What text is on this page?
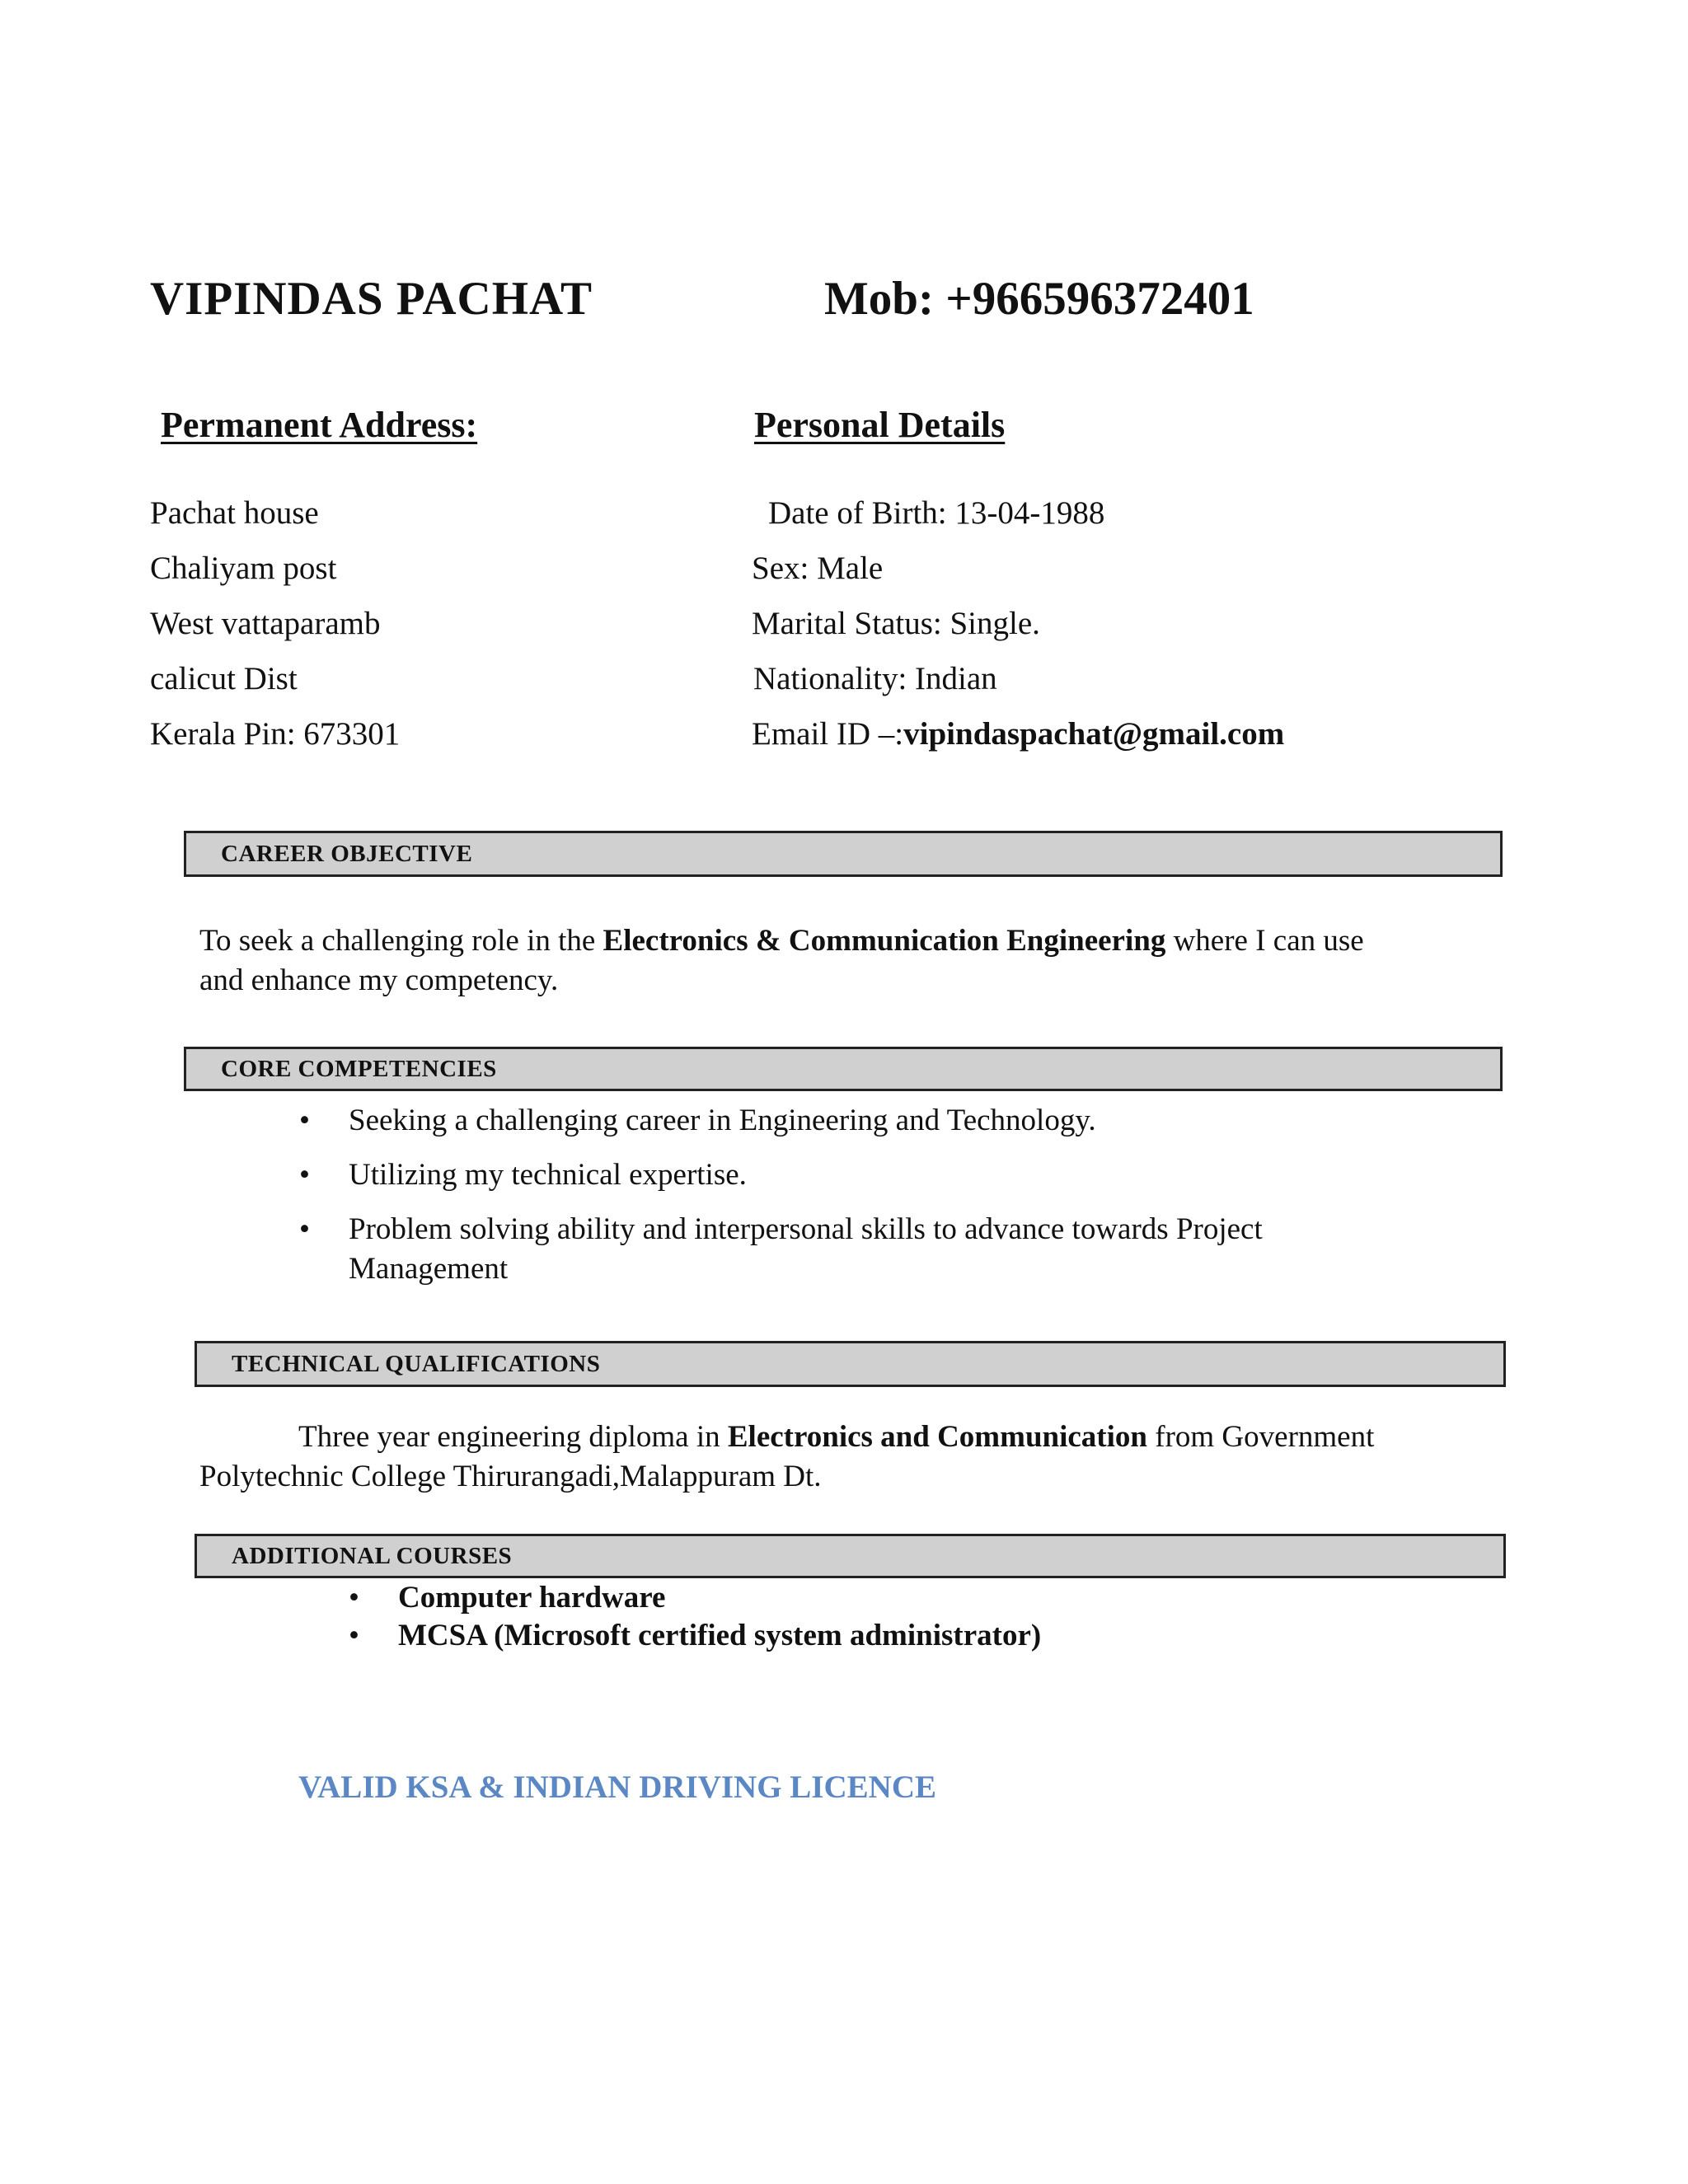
VIPINDAS PACHAT	Mob: +966596372401
Permanent Address:	Personal Details
Pachat house
Chaliyam post
West vattaparamb
calicut Dist
Kerala Pin: 673301
Date of Birth: 13-04-1988
Sex: Male
Marital Status: Single.
Nationality: Indian
Email ID –:vipindaspachat@gmail.com
CAREER OBJECTIVE
To seek a challenging role in the Electronics & Communication Engineering where I can use
and enhance my competency.
CORE COMPETENCIES
• Seeking a challenging career in Engineering and Technology.
• Utilizing my technical expertise.
• Problem solving ability and interpersonal skills to advance towards Project
Management
TECHNICAL QUALIFICATIONS
Three year engineering diploma in Electronics and Communication from Government
Polytechnic College Thirurangadi,Malappuram Dt.
ADDITIONAL COURSES
• Computer hardware
• MCSA (Microsoft certified system administrator)
VALID KSA & INDIAN DRIVING LICENCE
